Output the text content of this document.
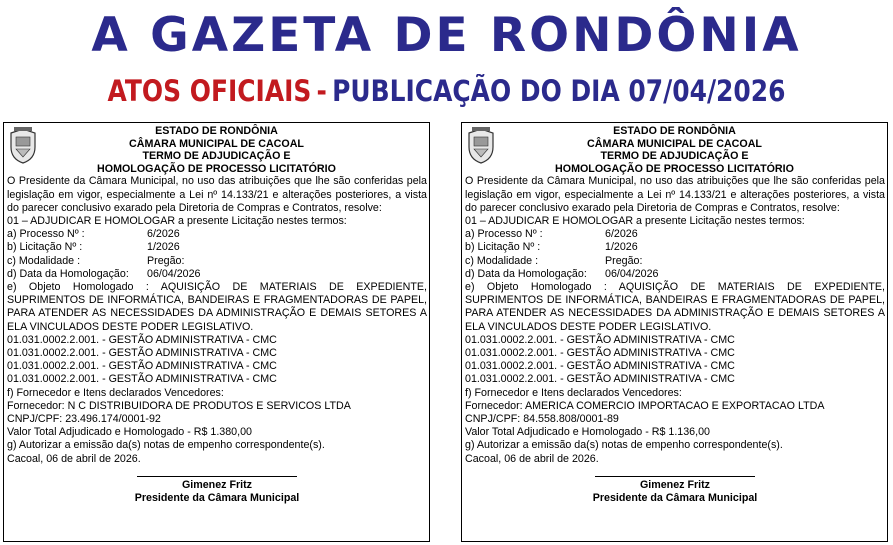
A GAZETA DE RONDÔNIA
ATOS OFICIAIS - PUBLICAÇÃO DO DIA 07/04/2026
ESTADO DE RONDÔNIA
CÂMARA MUNICIPAL DE CACOAL
TERMO DE ADJUDICAÇÃO E
HOMOLOGAÇÃO DE PROCESSO LICITATÓRIO
O Presidente da Câmara Municipal, no uso das atribuições que lhe são conferidas pela legislação em vigor, especialmente a Lei nº 14.133/21 e alterações posteriores, a vista do parecer conclusivo exarado pela Diretoria de Compras e Contratos, resolve:
01 – ADJUDICAR E HOMOLOGAR a presente Licitação nestes termos:
a) Processo Nº :	6/2026
b) Licitação Nº :	1/2026
c) Modalidade :	Pregão:
d) Data da Homologação:	06/04/2026
e) Objeto Homologado : AQUISIÇÃO DE MATERIAIS DE EXPEDIENTE, SUPRIMENTOS DE INFORMÁTICA, BANDEIRAS E FRAGMENTADORAS DE PAPEL, PARA ATENDER AS NECESSIDADES DA ADMINISTRAÇÃO E DEMAIS SETORES A ELA VINCULADOS DESTE PODER LEGISLATIVO.
01.031.0002.2.001. - GESTÃO ADMINISTRATIVA - CMC
01.031.0002.2.001. - GESTÃO ADMINISTRATIVA - CMC
01.031.0002.2.001. - GESTÃO ADMINISTRATIVA - CMC
01.031.0002.2.001. - GESTÃO ADMINISTRATIVA - CMC
f) Fornecedor e Itens declarados Vencedores:
Fornecedor: N C DISTRIBUIDORA DE PRODUTOS E SERVICOS LTDA
CNPJ/CPF: 23.496.174/0001-92
Valor Total Adjudicado e Homologado - R$ 1.380,00
g) Autorizar a emissão da(s) notas de empenho correspondente(s).
Cacoal, 06 de abril de 2026.
Gimenez Fritz
Presidente da Câmara Municipal
ESTADO DE RONDÔNIA
CÂMARA MUNICIPAL DE CACOAL
TERMO DE ADJUDICAÇÃO E
HOMOLOGAÇÃO DE PROCESSO LICITATÓRIO
O Presidente da Câmara Municipal, no uso das atribuições que lhe são conferidas pela legislação em vigor, especialmente a Lei nº 14.133/21 e alterações posteriores, a vista do parecer conclusivo exarado pela Diretoria de Compras e Contratos, resolve:
01 – ADJUDICAR E HOMOLOGAR a presente Licitação nestes termos:
a) Processo Nº :	6/2026
b) Licitação Nº :	1/2026
c) Modalidade :	Pregão:
d) Data da Homologação:	06/04/2026
e) Objeto Homologado : AQUISIÇÃO DE MATERIAIS DE EXPEDIENTE, SUPRIMENTOS DE INFORMÁTICA, BANDEIRAS E FRAGMENTADORAS DE PAPEL, PARA ATENDER AS NECESSIDADES DA ADMINISTRAÇÃO E DEMAIS SETORES A ELA VINCULADOS DESTE PODER LEGISLATIVO.
01.031.0002.2.001. - GESTÃO ADMINISTRATIVA - CMC
01.031.0002.2.001. - GESTÃO ADMINISTRATIVA - CMC
01.031.0002.2.001. - GESTÃO ADMINISTRATIVA - CMC
01.031.0002.2.001. - GESTÃO ADMINISTRATIVA - CMC
f) Fornecedor e Itens declarados Vencedores:
Fornecedor: AMERICA COMERCIO IMPORTACAO E EXPORTACAO LTDA
CNPJ/CPF: 84.558.808/0001-89
Valor Total Adjudicado e Homologado - R$ 1.136,00
g) Autorizar a emissão da(s) notas de empenho correspondente(s).
Cacoal, 06 de abril de 2026.
Gimenez Fritz
Presidente da Câmara Municipal
